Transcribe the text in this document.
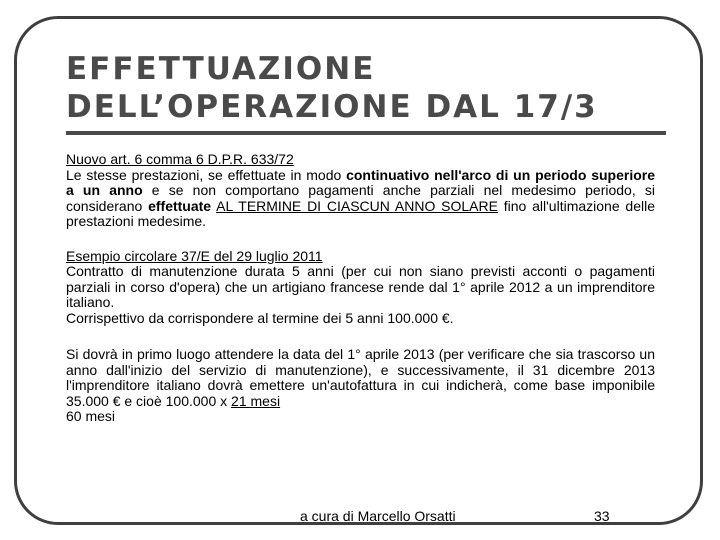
EFFETTUAZIONE
DELL’OPERAZIONE DAL 17/3

Nuovo art. 6 comma 6 D.P.R. 633/72

Le stesse prestazioni, se effettuate in modo continuativo nell'arco di un periodo superiore a un anno e se non comportano pagamenti anche parziali nel medesimo periodo, si considerano effettuate AL TERMINE DI CIASCUN ANNO SOLARE fino all'ultimazione delle prestazioni medesime.

Esempio circolare 37/E del 29 luglio 2011

Contratto di manutenzione durata 5 anni (per cui non siano previsti acconti o pagamenti parziali in corso d'opera) che un artigiano francese rende dal 1° aprile 2012 a un imprenditore italiano.

Corrispettivo da corrispondere al termine dei 5 anni 100.000 €.

Si dovrà in primo luogo attendere la data del 1° aprile 2013 (per verificare che sia trascorso un anno dall'inizio del servizio di manutenzione), e successivamente, il 31 dicembre 2013 l'imprenditore italiano dovrà emettere un'autofattura in cui indicherà, come base imponibile 35.000 € e cioè 100.000 x 21 mesi

60 mesi

a cura di Marcello Orsatti	33
